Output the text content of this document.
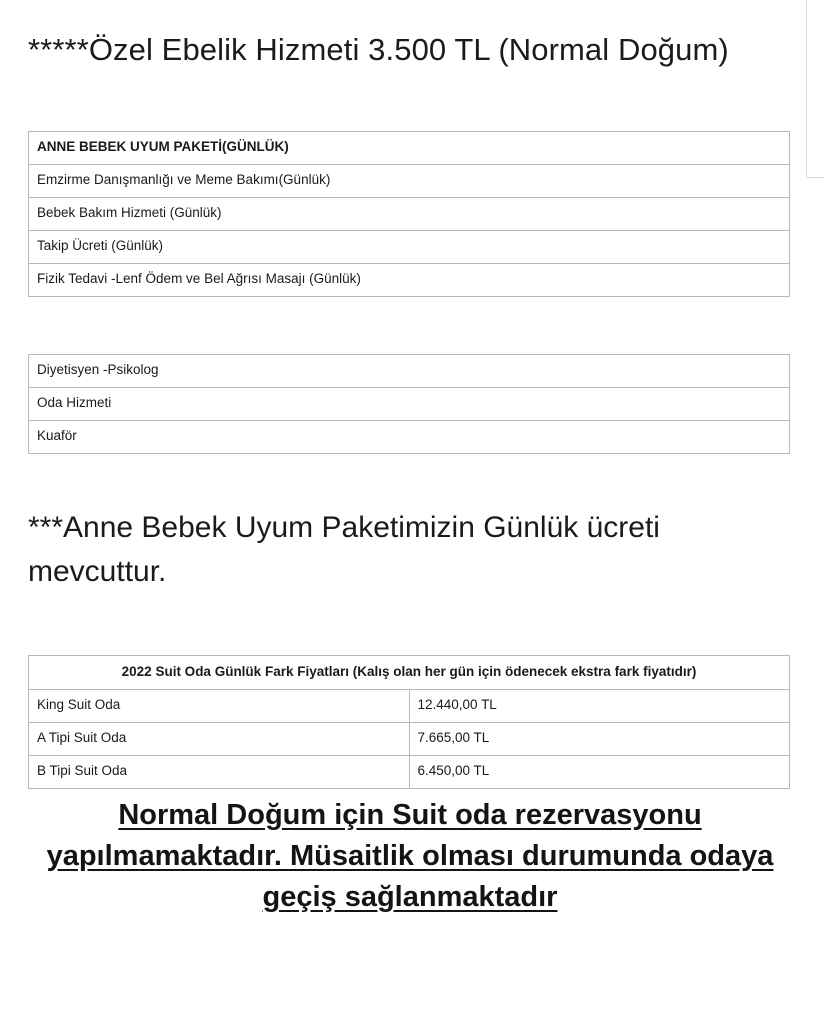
*****Özel Ebelik Hizmeti 3.500 TL (Normal Doğum)
ANNE BEBEK UYUM PAKETİ(GÜNLÜK)
Emzirme Danışmanlığı ve Meme Bakımı(Günlük)
Bebek Bakım Hizmeti (Günlük)
Takip Ücreti (Günlük)
Fizik Tedavi -Lenf Ödem ve Bel Ağrısı Masajı (Günlük)
Diyetisyen -Psikolog
Oda Hizmeti
Kuaför

***Anne Bebek Uyum Paketimizin Günlük ücreti mevcuttur.

2022 Suit Oda Günlük Fark Fiyatları (Kalış olan her gün için ödenecek ekstra fark fiyatıdır)	
King Suit Oda	12.440,00 TL
A Tipi Suit Oda	7.665,00 TL
B Tipi Suit Oda	6.450,00 TL

Normal Doğum için Suit oda rezervasyonu yapılmamaktadır. Müsaitlik olması durumunda odaya geçiş sağlanmaktadır
